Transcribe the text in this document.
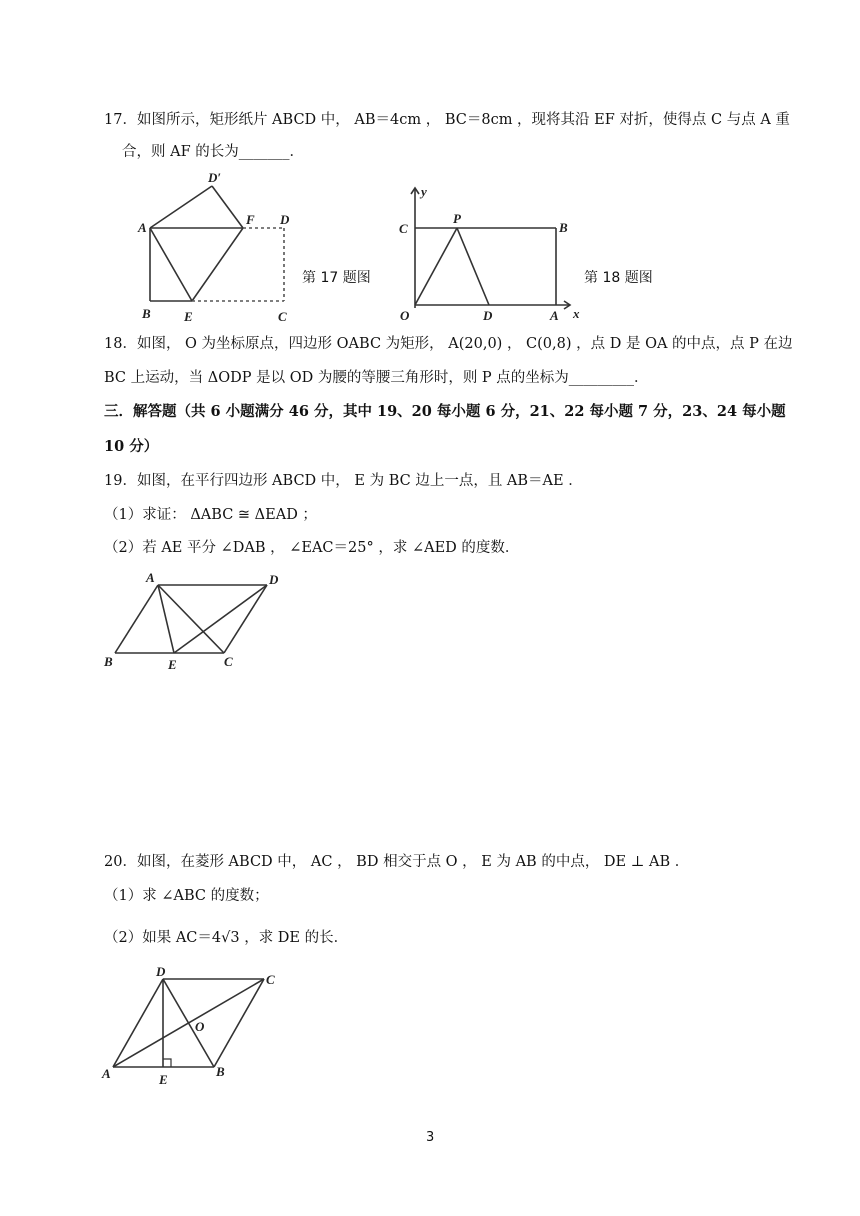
17．如图所示，矩形纸片 ABCD 中， AB＝4cm ， BC＝8cm ，现将其沿 EF 对折，使得点 C 与点 A 重
合，则 AF 的长为_______．
A
B	E	C
D
F
D′
第 17 题图
y
C
P
B
O	D	A x
第 18 题图
18．如图， O 为坐标原点，四边形 OABC 为矩形， A(20,0) ， C(0,8) ，点 D 是 OA 的中点，点 P 在边
BC 上运动，当 ΔODP 是以 OD 为腰的等腰三角形时，则 P 点的坐标为_________．
三．解答题（共 6 小题满分 46 分，其中 19、20 每小题 6 分，21、22 每小题 7 分，23、24 每小题
10 分）
19．如图，在平行四边形 ABCD 中， E 为 BC 边上一点，且 AB＝AE ．
（1）求证： ΔABC ≅ ΔEAD ；
（2）若 AE 平分 ∠DAB ， ∠EAC＝25° ，求 ∠AED 的度数．
A	D
B	E	C
20．如图，在菱形 ABCD 中， AC ， BD 相交于点 O ， E 为 AB 的中点， DE ⊥ AB ．
（1）求 ∠ABC 的度数；
（2）如果 AC＝4√3 ，求 DE 的长．
D
C
O
A	E
B
3
